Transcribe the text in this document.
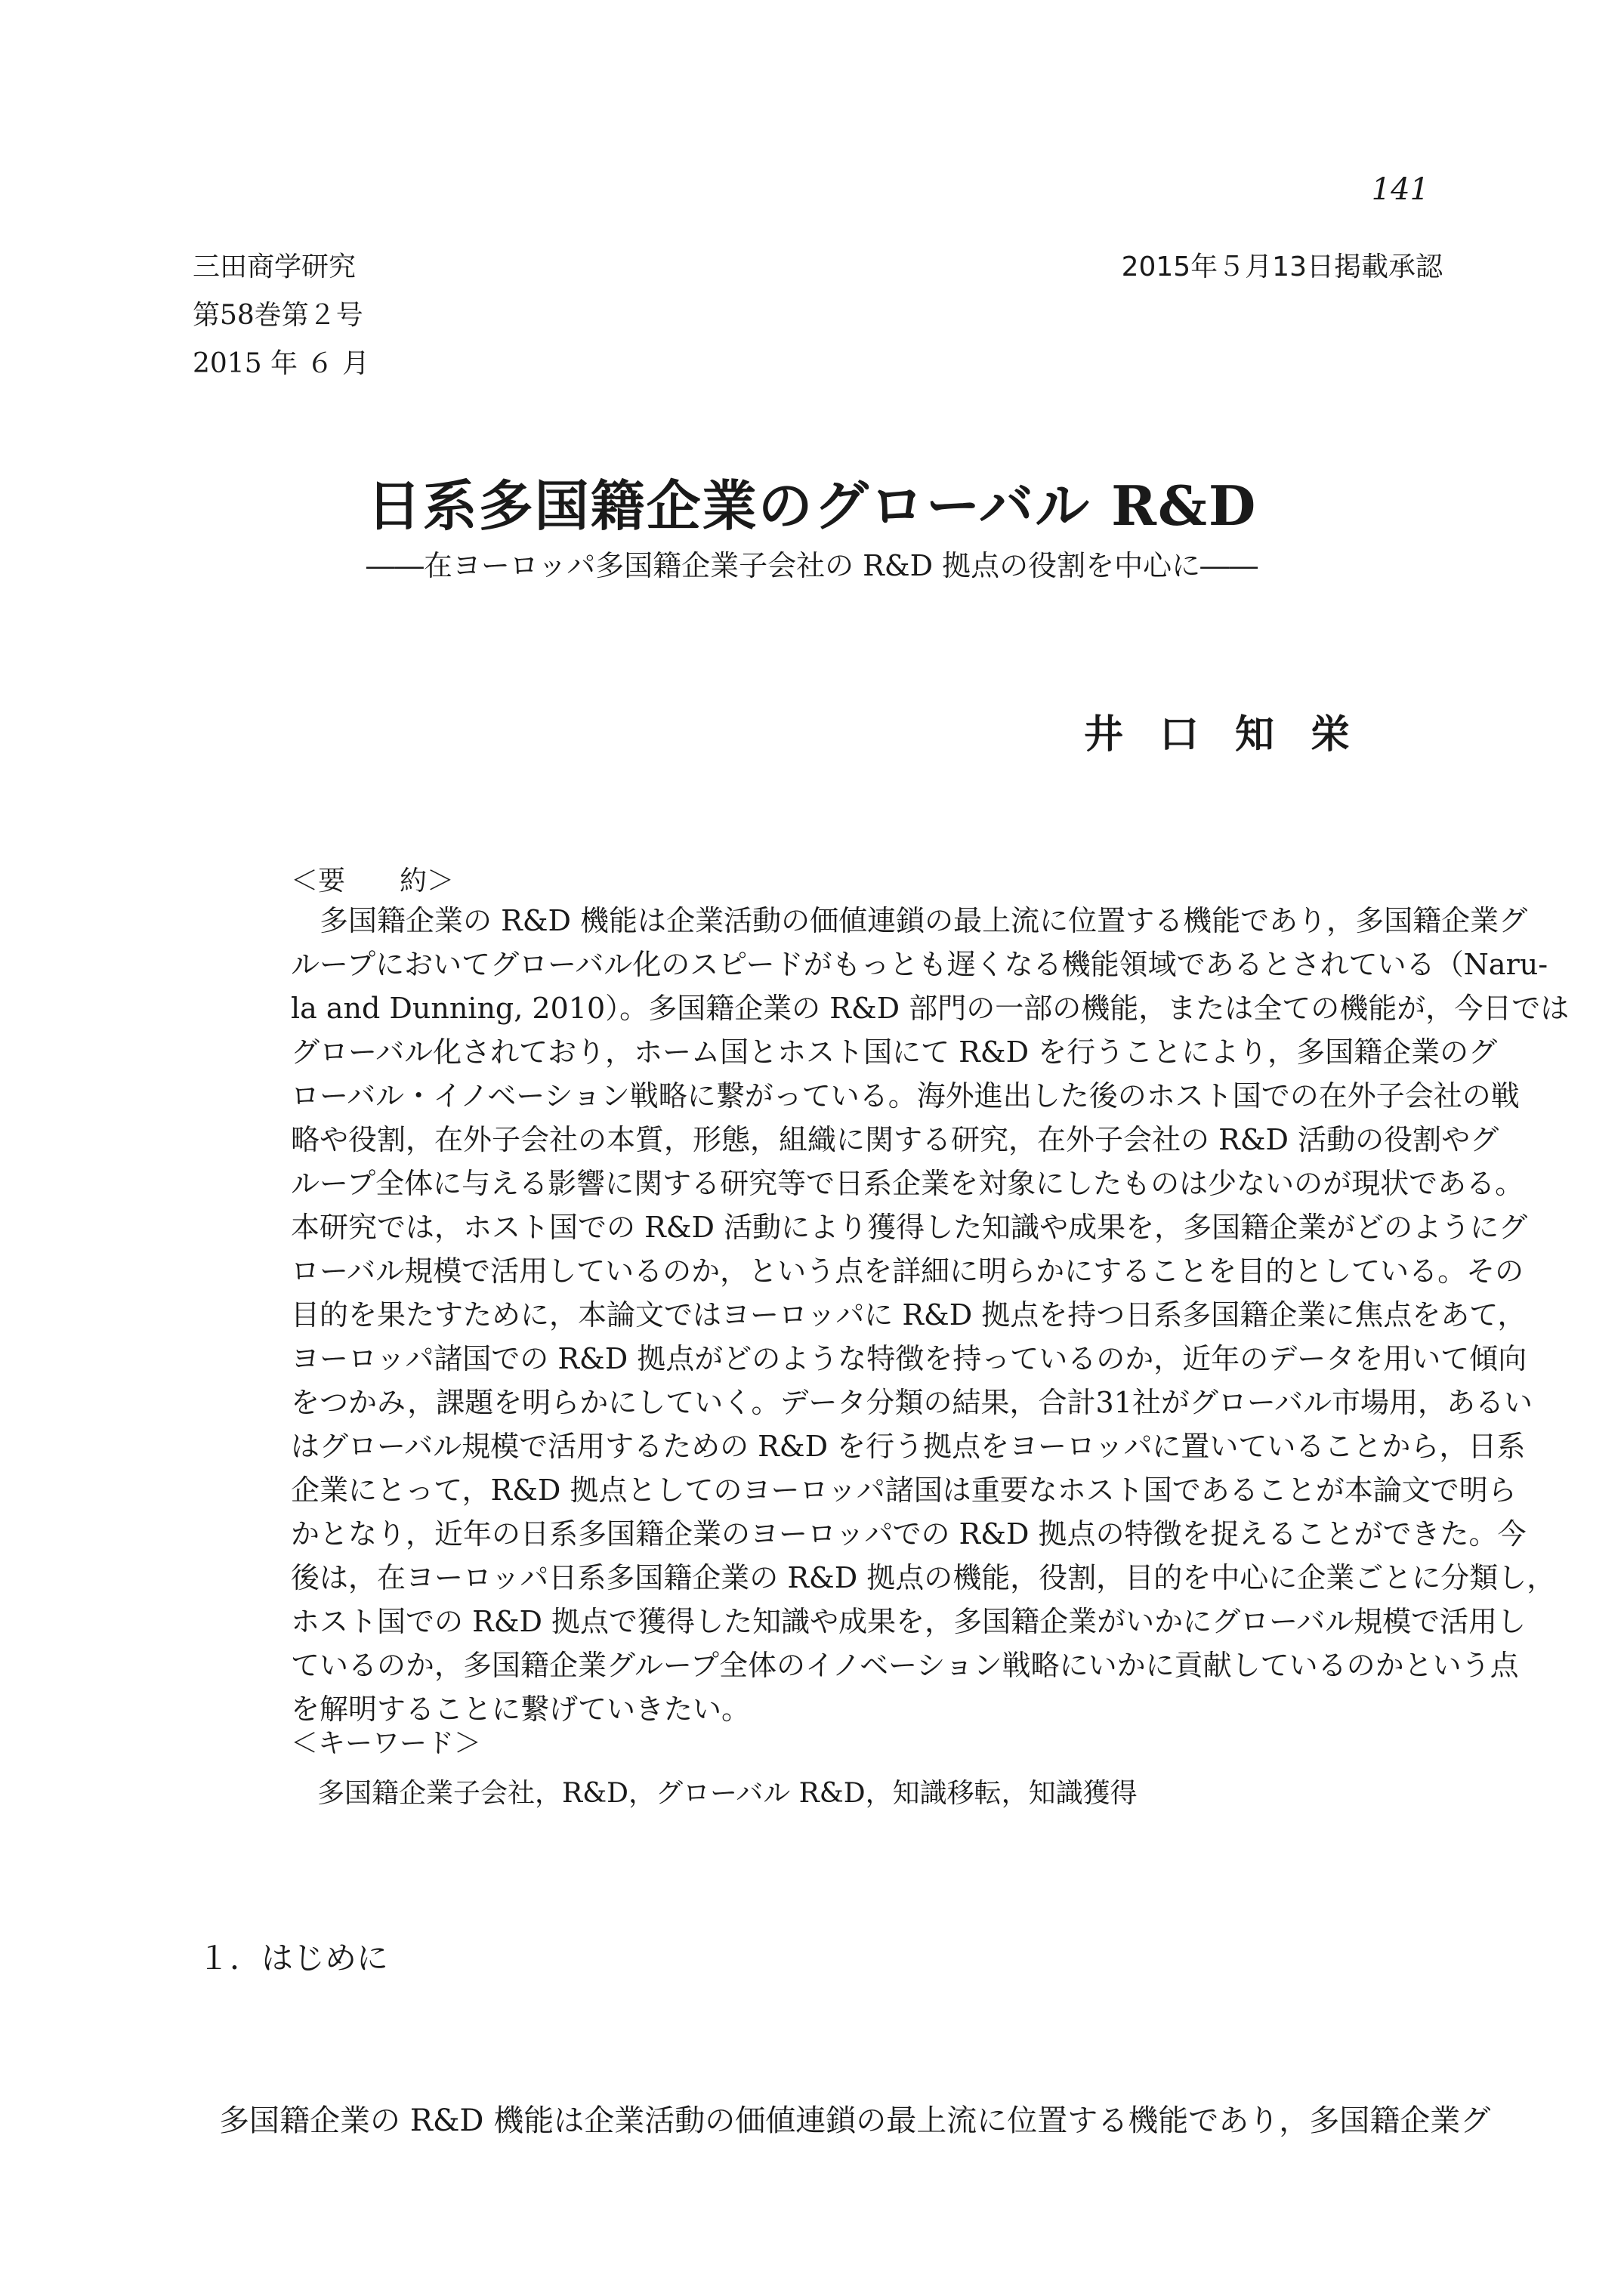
141
三田商学研究
第58巻第２号
2015 年 ６ 月
2015年５月13日掲載承認
日系多国籍企業のグローバル R&D
――在ヨーロッパ多国籍企業子会社の R&D 拠点の役割を中心に――
井口知栄
＜要　　約＞
多国籍企業の R&D 機能は企業活動の価値連鎖の最上流に位置する機能であり，多国籍企業グ
ループにおいてグローバル化のスピードがもっとも遅くなる機能領域であるとされている（Naru-
la and Dunning, 2010）。多国籍企業の R&D 部門の一部の機能，または全ての機能が，今日では
グローバル化されており，ホーム国とホスト国にて R&D を行うことにより，多国籍企業のグ
ローバル・イノベーション戦略に繋がっている。海外進出した後のホスト国での在外子会社の戦
略や役割，在外子会社の本質，形態，組織に関する研究，在外子会社の R&D 活動の役割やグ
ループ全体に与える影響に関する研究等で日系企業を対象にしたものは少ないのが現状である。
本研究では，ホスト国での R&D 活動により獲得した知識や成果を，多国籍企業がどのようにグ
ローバル規模で活用しているのか，という点を詳細に明らかにすることを目的としている。その
目的を果たすために，本論文ではヨーロッパに R&D 拠点を持つ日系多国籍企業に焦点をあて，
ヨーロッパ諸国での R&D 拠点がどのような特徴を持っているのか，近年のデータを用いて傾向
をつかみ，課題を明らかにしていく。データ分類の結果，合計31社がグローバル市場用，あるい
はグローバル規模で活用するための R&D を行う拠点をヨーロッパに置いていることから，日系
企業にとって，R&D 拠点としてのヨーロッパ諸国は重要なホスト国であることが本論文で明ら
かとなり，近年の日系多国籍企業のヨーロッパでの R&D 拠点の特徴を捉えることができた。今
後は，在ヨーロッパ日系多国籍企業の R&D 拠点の機能，役割，目的を中心に企業ごとに分類し，
ホスト国での R&D 拠点で獲得した知識や成果を，多国籍企業がいかにグローバル規模で活用し
ているのか，多国籍企業グループ全体のイノベーション戦略にいかに貢献しているのかという点
を解明することに繋げていきたい。
＜キーワード＞
多国籍企業子会社，R&D，グローバル R&D，知識移転，知識獲得
１．はじめに
多国籍企業の R&D 機能は企業活動の価値連鎖の最上流に位置する機能であり，多国籍企業グ
